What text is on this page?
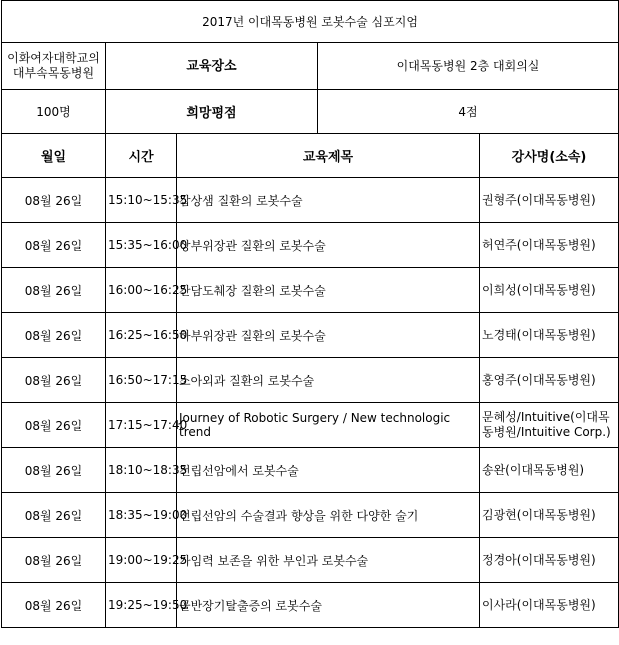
2017년 이대목동병원 로봇수술 심포지엄				
이화여자대학교의대부속목동병원	교육장소		이대목동병원 2층 대회의실	
100명	희망평점		4점	
월일	시간	교육제목		강사명(소속)
08월 26일	15:10~15:35	갑상샘 질환의 로봇수술		권형주(이대목동병원)
08월 26일	15:35~16:00	상부위장관 질환의 로봇수술		허연주(이대목동병원)
08월 26일	16:00~16:25	간담도췌장 질환의 로봇수술		이희성(이대목동병원)
08월 26일	16:25~16:50	하부위장관 질환의 로봇수술		노경태(이대목동병원)
08월 26일	16:50~17:15	소아외과 질환의 로봇수술		홍영주(이대목동병원)
08월 26일	17:15~17:40	Journey of Robotic Surgery / New technologic trend		문혜성/Intuitive(이대목동병원/Intuitive Corp.)
08월 26일	18:10~18:35	전립선암에서 로봇수술		송완(이대목동병원)
08월 26일	18:35~19:00	전립선암의 수술결과 향상을 위한 다양한 술기		김광현(이대목동병원)
08월 26일	19:00~19:25	가임력 보존을 위한 부인과 로봇수술		정경아(이대목동병원)
08월 26일	19:25~19:50	골반장기탈출증의 로봇수술		이사라(이대목동병원)
